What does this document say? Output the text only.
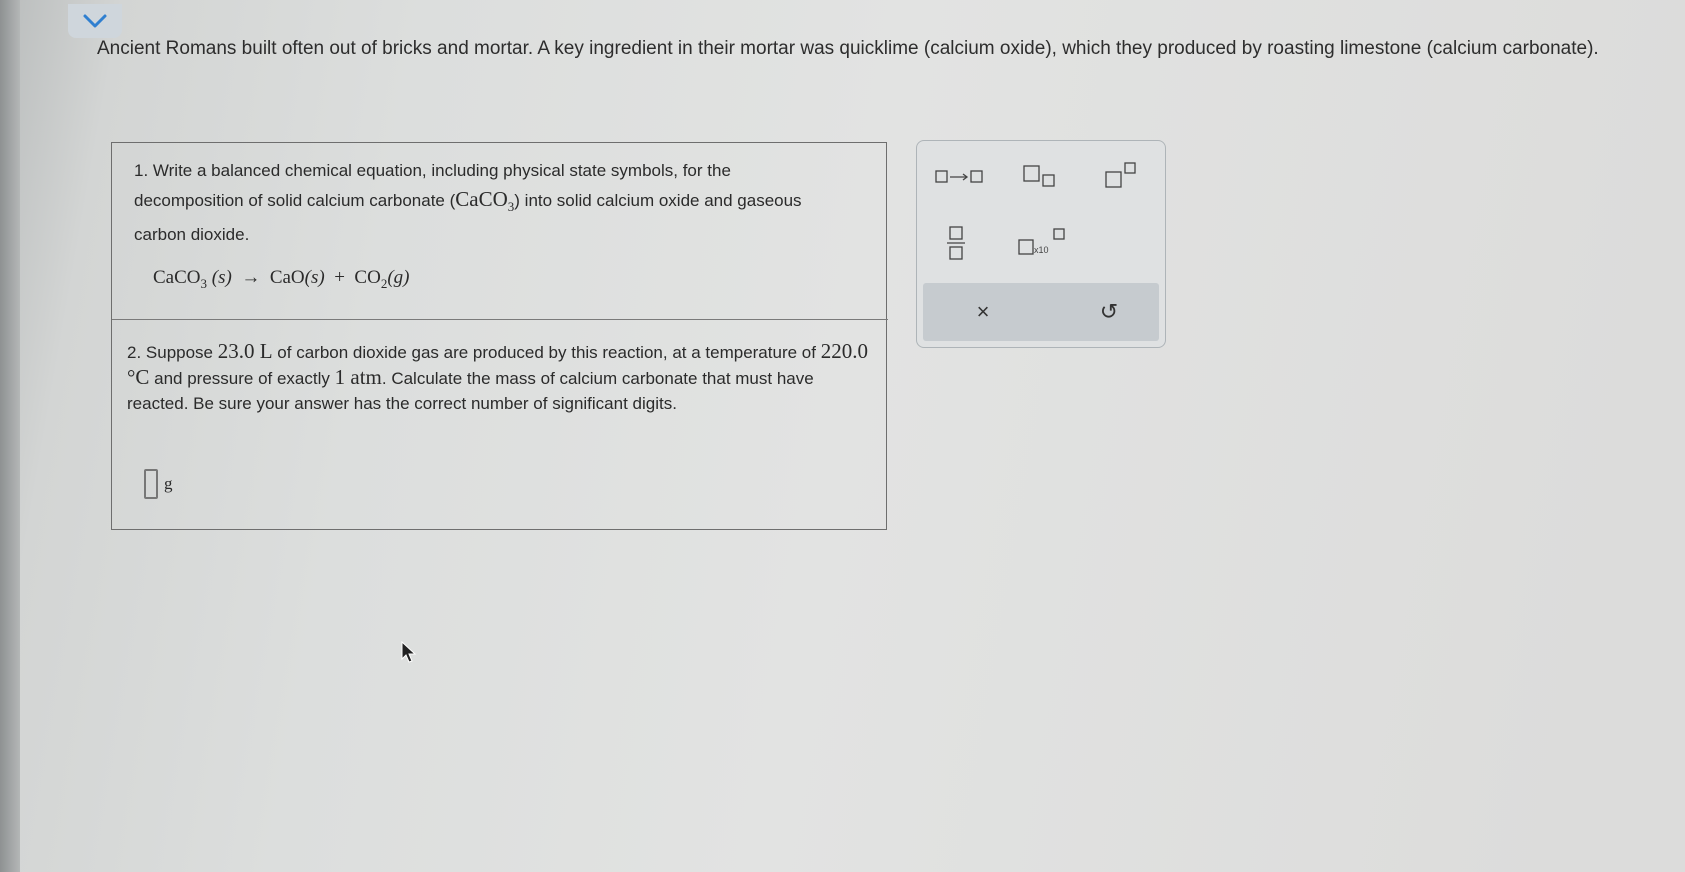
Ancient Romans built often out of bricks and mortar. A key ingredient in their mortar was quicklime (calcium oxide), which they produced by roasting limestone (calcium carbonate).
1. Write a balanced chemical equation, including physical state symbols, for the decomposition of solid calcium carbonate (CaCO$_3$) into solid calcium oxide and gaseous carbon dioxide.
CaCO$_3$ $(s) \to CaO(s) + CO_2(g)$
2. Suppose 23.0 L of carbon dioxide gas are produced by this reaction, at a temperature of 220.0 °C and pressure of exactly 1 atm. Calculate the mass of calcium carbonate that must have reacted. Be sure your answer has the correct number of significant digits.
g
x10
×	↺
